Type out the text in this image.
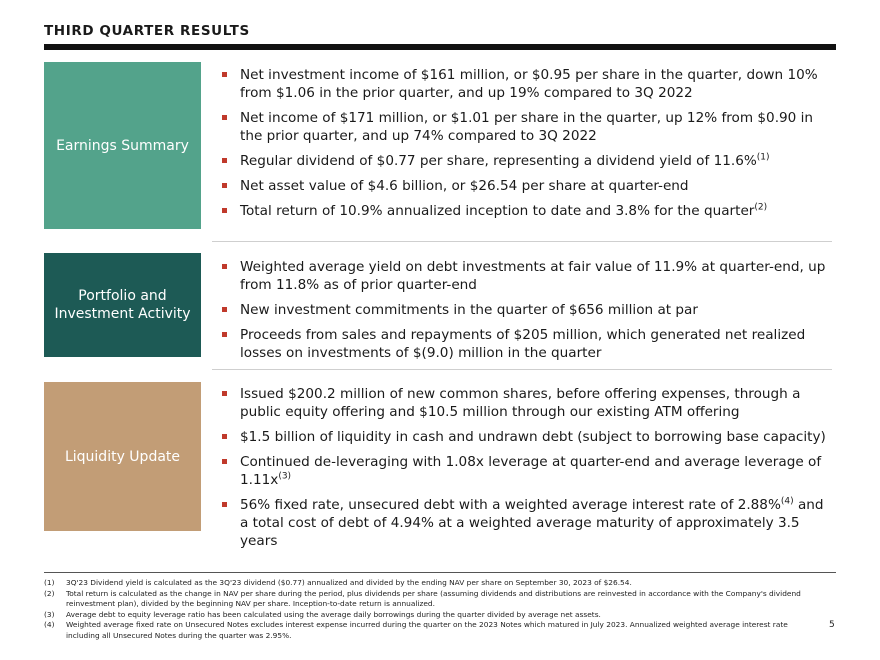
THIRD QUARTER RESULTS
Earnings Summary
Net investment income of $161 million, or $0.95 per share in the quarter, down 10% from $1.06 in the prior quarter, and up 19% compared to 3Q 2022
Net income of $171 million, or $1.01 per share in the quarter, up 12% from $0.90 in the prior quarter, and up 74% compared to 3Q 2022
Regular dividend of $0.77 per share, representing a dividend yield of 11.6%$^{(1)}$
Net asset value of $4.6 billion, or $26.54 per share at quarter-end
Total return of 10.9% annualized inception to date and 3.8% for the quarter$^{(2)}$
Portfolio and
Investment Activity
Weighted average yield on debt investments at fair value of 11.9% at quarter-end, up from 11.8% as of prior quarter-end
New investment commitments in the quarter of $656 million at par
Proceeds from sales and repayments of $205 million, which generated net realized losses on investments of $(9.0) million in the quarter
Liquidity Update
Issued $200.2 million of new common shares, before offering expenses, through a public equity offering and $10.5 million through our existing ATM offering
$1.5 billion of liquidity in cash and undrawn debt (subject to borrowing base capacity)
Continued de-leveraging with 1.08x leverage at quarter-end and average leverage of $1.11x^{(3)}$
56% fixed rate, unsecured debt with a weighted average interest rate of 2.88%$^{(4)}$ and a total cost of debt of 4.94% at a weighted average maturity of approximately 3.5 years
(1) 3Q'23 Dividend yield is calculated as the 3Q'23 dividend ($0.77) annualized and divided by the ending NAV per share on September 30, 2023 of $26.54.
(2) Total return is calculated as the change in NAV per share during the period, plus dividends per share (assuming dividends and distributions are reinvested in accordance with the Company's dividend reinvestment plan), divided by the beginning NAV per share. Inception-to-date return is annualized.
(3) Average debt to equity leverage ratio has been calculated using the average daily borrowings during the quarter divided by average net assets.
(4) Weighted average fixed rate on Unsecured Notes excludes interest expense incurred during the quarter on the 2023 Notes which matured in July 2023. Annualized weighted average interest rate including all Unsecured Notes during the quarter was 2.95%.
5
